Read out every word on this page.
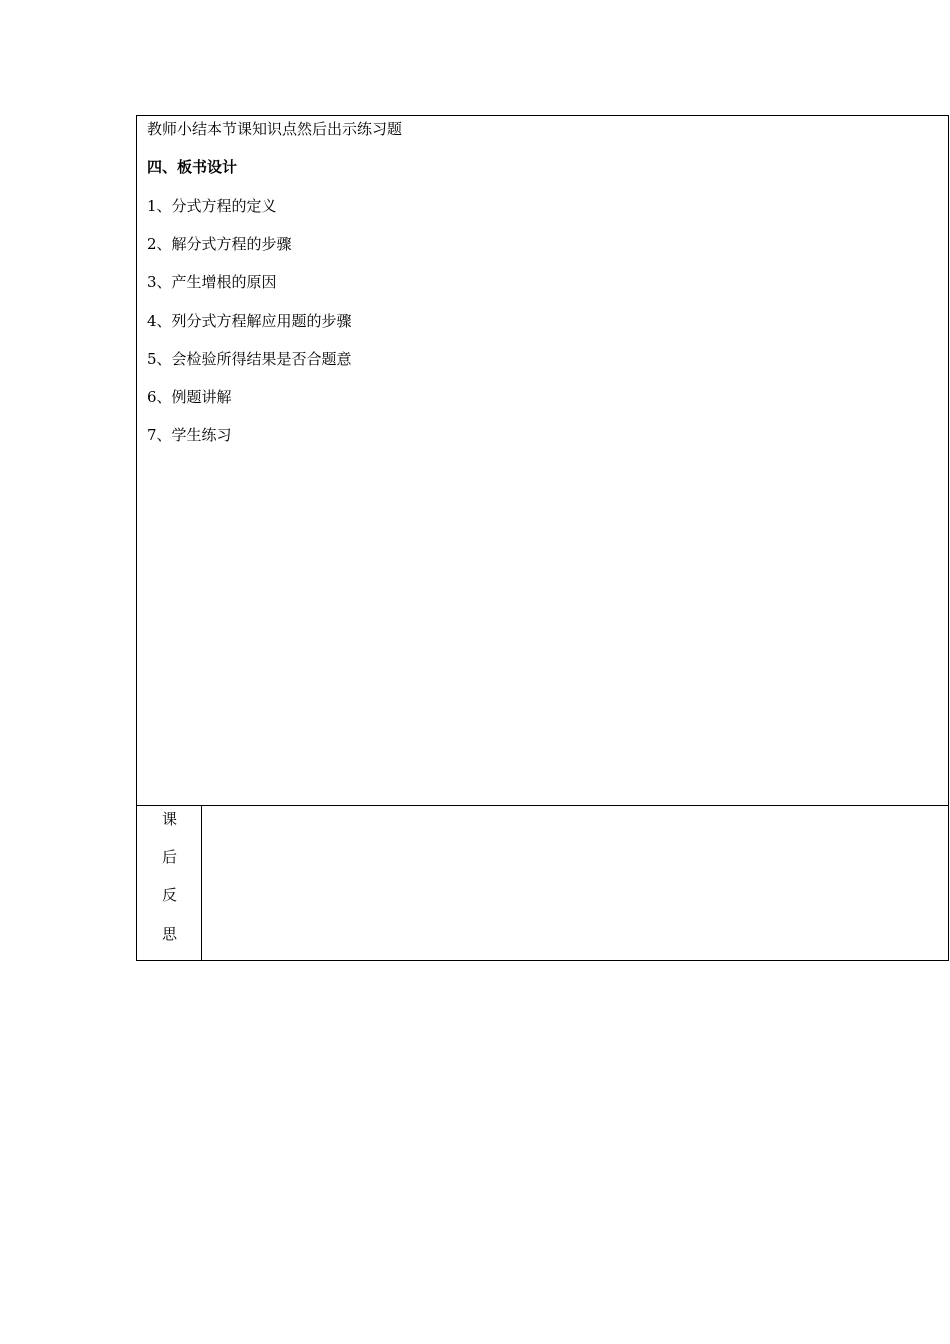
教师小结本节课知识点然后出示练习题
四、板书设计
1、分式方程的定义
2、解分式方程的步骤
3、产生增根的原因
4、列分式方程解应用题的步骤
5、会检验所得结果是否合题意
6、例题讲解
7、学生练习
课
后
反
思
